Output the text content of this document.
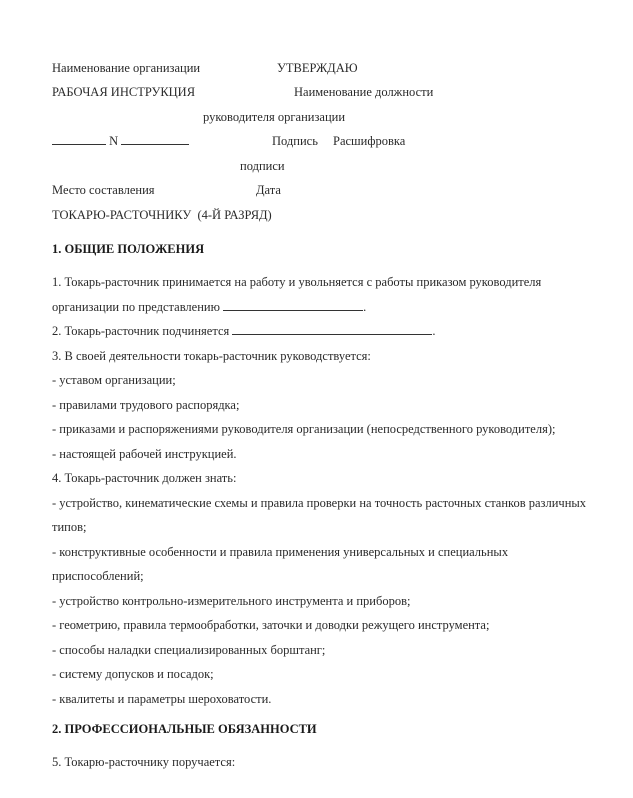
Наименование организации	УТВЕРЖДАЮ
РАБОЧАЯ ИНСТРУКЦИЯ	Наименование должности
руководителя организации
N	Подпись Расшифровка
подписи
Место составления	Дата
ТОКАРЮ-РАСТОЧНИКУ  (4-Й РАЗРЯД)
1. ОБЩИЕ ПОЛОЖЕНИЯ
1. Токарь-расточник принимается на работу и увольняется с работы приказом руководителя
организации по представлению	.
2. Токарь-расточник подчиняется	.
3. В своей деятельности токарь-расточник руководствуется:
- уставом организации;
- правилами трудового распорядка;
- приказами и распоряжениями руководителя организации (непосредственного руководителя);
- настоящей рабочей инструкцией.
4. Токарь-расточник должен знать:
- устройство, кинематические схемы и правила проверки на точность расточных станков различных
типов;
- конструктивные особенности и правила применения универсальных и специальных
приспособлений;
- устройство контрольно-измерительного инструмента и приборов;
- геометрию, правила термообработки, заточки и доводки режущего инструмента;
- способы наладки специализированных борштанг;
- систему допусков и посадок;
- квалитеты и параметры шероховатости.
2. ПРОФЕССИОНАЛЬНЫЕ ОБЯЗАННОСТИ
5. Токарю-расточнику поручается:
